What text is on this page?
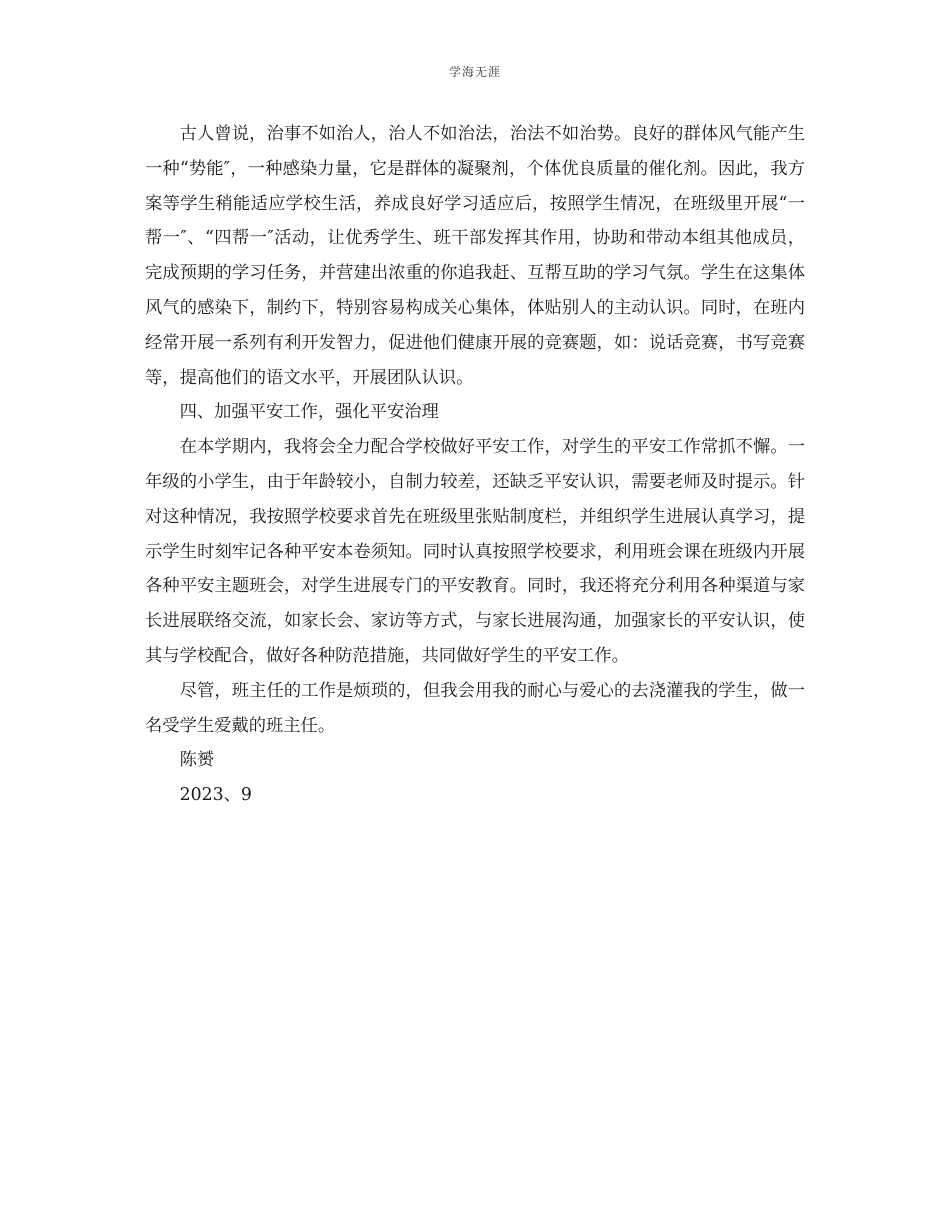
学海无涯

古人曾说，治事不如治人，治人不如治法，治法不如治势。良好的群体风气能产生一种“势能″，一种感染力量，它是群体的凝聚剂，个体优良质量的催化剂。因此，我方案等学生稍能适应学校生活，养成良好学习适应后，按照学生情况，在班级里开展“一帮一″、“四帮一″活动，让优秀学生、班干部发挥其作用，协助和带动本组其他成员，完成预期的学习任务，并营建出浓重的你追我赶、互帮互助的学习气氛。学生在这集体风气的感染下，制约下，特别容易构成关心集体，体贴别人的主动认识。同时，在班内经常开展一系列有利开发智力，促进他们健康开展的竞赛题，如：说话竞赛，书写竞赛等，提高他们的语文水平，开展团队认识。

四、加强平安工作，强化平安治理

在本学期内，我将会全力配合学校做好平安工作，对学生的平安工作常抓不懈。一年级的小学生，由于年龄较小，自制力较差，还缺乏平安认识，需要老师及时提示。针对这种情况，我按照学校要求首先在班级里张贴制度栏，并组织学生进展认真学习，提示学生时刻牢记各种平安本卷须知。同时认真按照学校要求，利用班会课在班级内开展各种平安主题班会，对学生进展专门的平安教育。同时，我还将充分利用各种渠道与家长进展联络交流，如家长会、家访等方式，与家长进展沟通，加强家长的平安认识，使其与学校配合，做好各种防范措施，共同做好学生的平安工作。

尽管，班主任的工作是烦琐的，但我会用我的耐心与爱心的去浇灌我的学生，做一名受学生爱戴的班主任。

陈赟

2023、9
